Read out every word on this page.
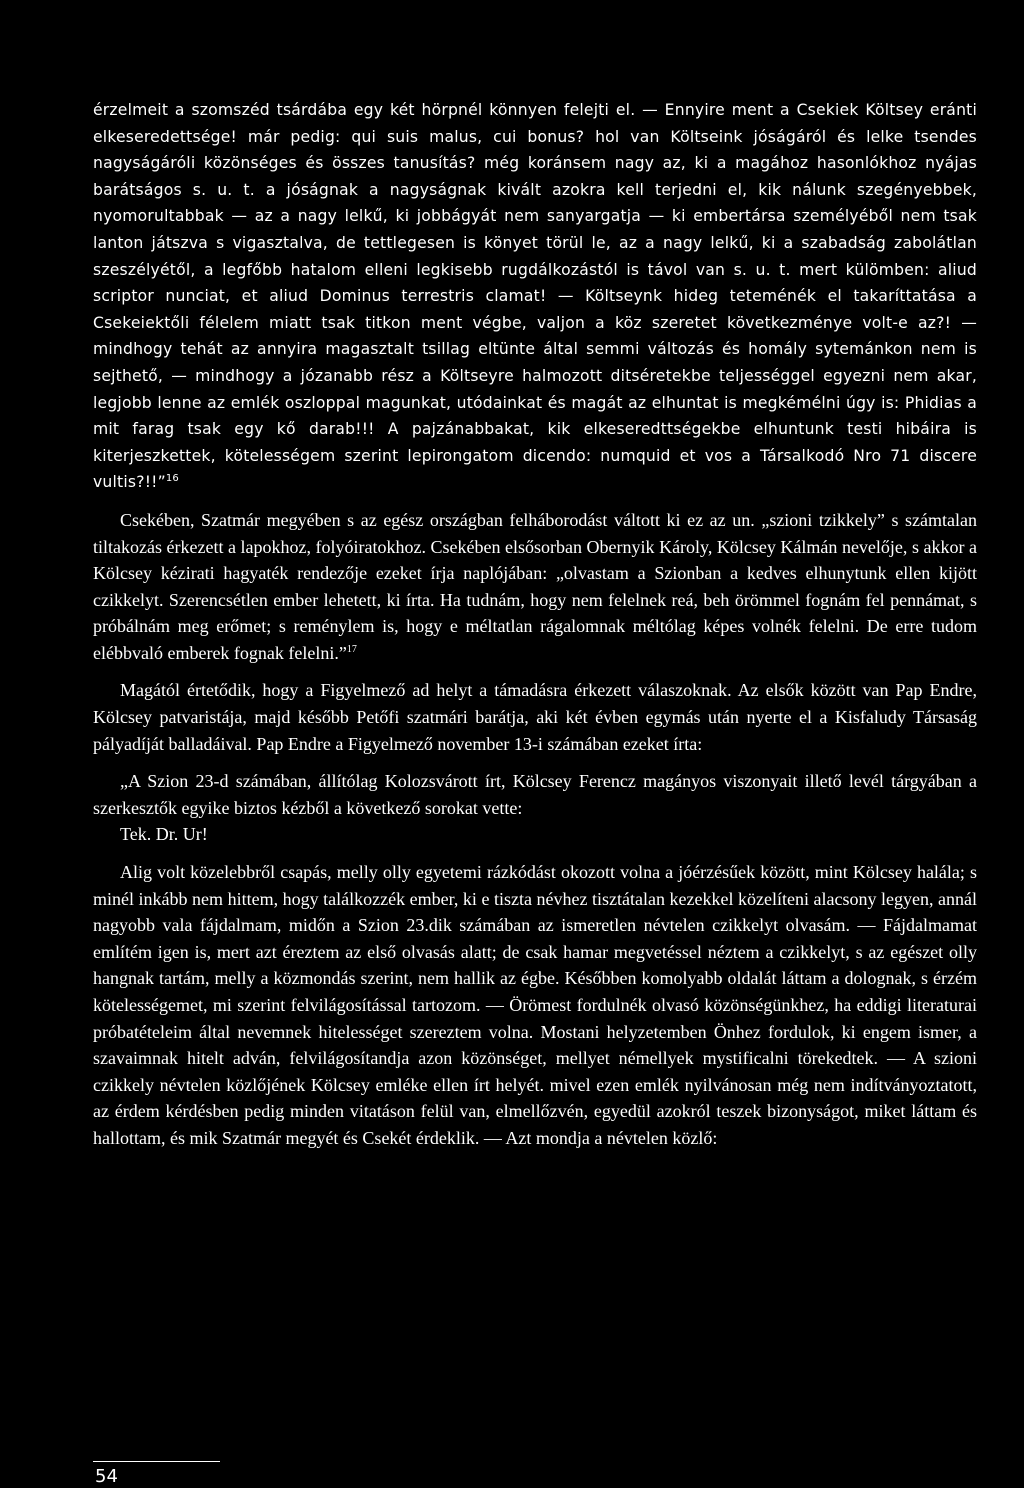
érzelmeit a szomszéd tsárdába egy két hörpnél könnyen felejti el. — Ennyire ment a Csekiek Költsey eránti elkeseredettsége! már pedig: qui suis malus, cui bonus? hol van Költseink jóságáról és lelke tsendes nagyságáróli közönséges és összes tanusítás? még koránsem nagy az, ki a magához hasonlókhoz nyájas barátságos s. u. t. a jóságnak a nagyságnak kivált azokra kell terjedni el, kik nálunk szegényebbek, nyomorultabbak — az a nagy lelkű, ki jobbágyát nem sanyargatja — ki embertársa személyéből nem tsak lanton játszva s vigasztalva, de tettlegesen is könyet törül le, az a nagy lelkű, ki a szabadság zabolátlan szeszélyétől, a legfőbb hatalom elleni legkisebb rugdálkozástól is távol van s. u. t. mert külömben: aliud scriptor nunciat, et aliud Dominus terrestris clamat! — Költseynk hideg teteménék el takaríttatása a Csekeiektőli félelem miatt tsak titkon ment végbe, valjon a köz szeretet következménye volt-e az?! — mindhogy tehát az annyira magasztalt tsillag eltünte által semmi változás és homály sytemánkon nem is sejthető, — mindhogy a józanabb rész a Költseyre halmozott ditséretekbe teljességgel egyezni nem akar, legjobb lenne az emlék oszloppal magunkat, utódainkat és magát az elhuntat is megkémélni úgy is: Phidias a mit farag tsak egy kő darab!!! A pajzánabbakat, kik elkeseredttségekbe elhuntunk testi hibáira is kiterjeszkettek, kötelességem szerint lepirongatom dicendo: numquid et vos a Társalkodó Nro 71 discere vultis?!!”$^{16}$

Csekében, Szatmár megyében s az egész országban felháborodást váltott ki ez az un. „szioni tzikkely” s számtalan tiltakozás érkezett a lapokhoz, folyóiratokhoz. Csekében elsősorban Obernyik Károly, Kölcsey Kálmán nevelője, s akkor a Kölcsey kézirati hagyaték rendezője ezeket írja naplójában: „olvastam a Szionban a kedves elhunytunk ellen kijött czikkelyt. Szerencsétlen ember lehetett, ki írta. Ha tudnám, hogy nem felelnek reá, beh örömmel fognám fel pennámat, s próbálnám meg erőmet; s reménylem is, hogy e méltatlan rágalomnak méltólag képes volnék felelni. De erre tudom elébbvaló emberek fognak felelni.”$^{17}$

Magától értetődik, hogy a Figyelmező ad helyt a támadásra érkezett válaszoknak. Az elsők között van Pap Endre, Kölcsey patvaristája, majd később Petőfi szatmári barátja, aki két évben egymás után nyerte el a Kisfaludy Társaság pályadíját balladáival. Pap Endre a Figyelmező november 13-i számában ezeket írta:

„A Szion 23-d számában, állítólag Kolozsvárott írt, Kölcsey Ferencz magányos viszonyait illető levél tárgyában a szerkesztők egyike biztos kézből a következő sorokat vette:

Tek. Dr. Ur!

Alig volt közelebbről csapás, melly olly egyetemi rázkódást okozott volna a jóérzésűek között, mint Kölcsey halála; s minél inkább nem hittem, hogy találkozzék ember, ki e tiszta névhez tisztátalan kezekkel közelíteni alacsony legyen, annál nagyobb vala fájdalmam, midőn a Szion 23.dik számában az ismeretlen névtelen czikkelyt olvasám. — Fájdalmamat említém igen is, mert azt éreztem az első olvasás alatt; de csak hamar megvetéssel néztem a czikkelyt, s az egészet olly hangnak tartám, melly a közmondás szerint, nem hallik az égbe. Későbben komolyabb oldalát láttam a dolognak, s érzém kötelességemet, mi szerint felvilágosítással tartozom. — Örömest fordulnék olvasó közönségünkhez, ha eddigi literaturai próbatételeim által nevemnek hitelességet szereztem volna. Mostani helyzetemben Önhez fordulok, ki engem ismer, a szavaimnak hitelt adván, felvilágosítandja azon közönséget, mellyet némellyek mystificalni törekedtek. — A szioni czikkely névtelen közlőjének Kölcsey emléke ellen írt helyét. mivel ezen emlék nyilvánosan még nem indítványoztatott, az érdem kérdésben pedig minden vitatáson felül van, elmellőzvén, egyedül azokról teszek bizonyságot, miket láttam és hallottam, és mik Szatmár megyét és Csekét érdeklik. — Azt mondja a névtelen közlő:

54
